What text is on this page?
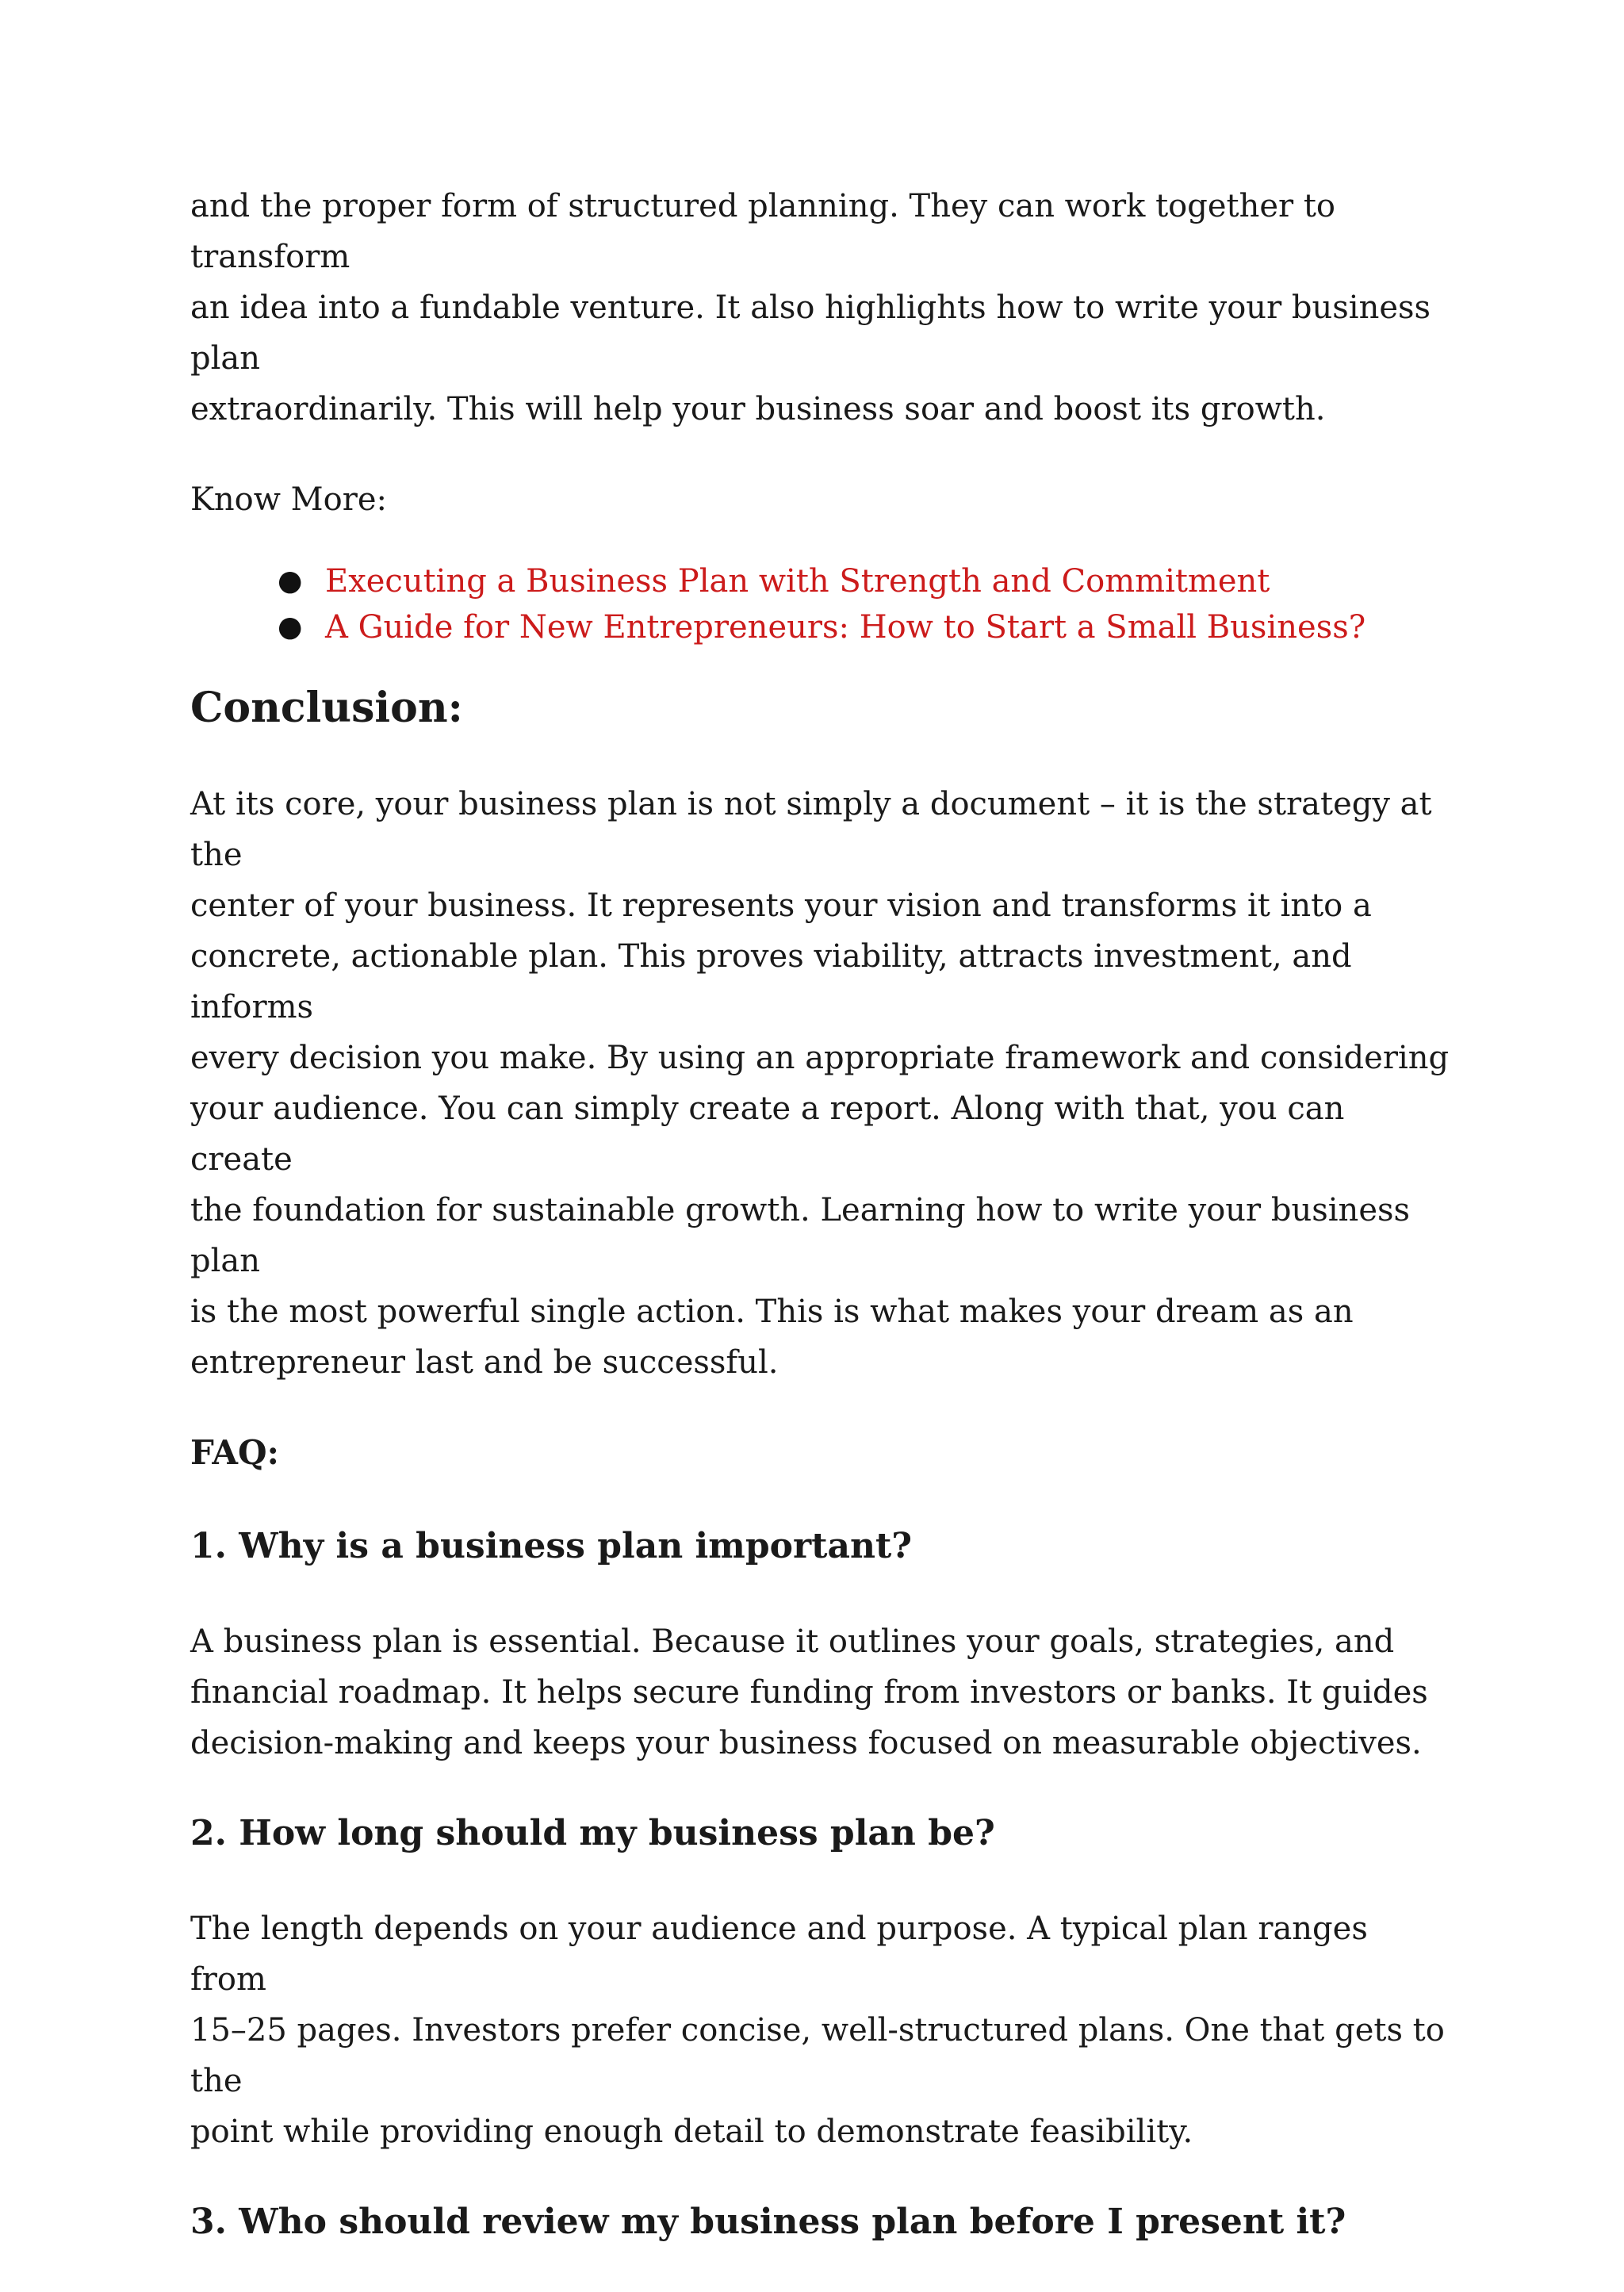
and the proper form of structured planning. They can work together to transform
an idea into a fundable venture. It also highlights how to write your business plan
extraordinarily. This will help your business soar and boost its growth.

Know More:

● Executing a Business Plan with Strength and Commitment
● A Guide for New Entrepreneurs: How to Start a Small Business?
Conclusion:

At its core, your business plan is not simply a document – it is the strategy at the
center of your business. It represents your vision and transforms it into a
concrete, actionable plan. This proves viability, attracts investment, and informs
every decision you make. By using an appropriate framework and considering
your audience. You can simply create a report. Along with that, you can create
the foundation for sustainable growth. Learning how to write your business plan
is the most powerful single action. This is what makes your dream as an
entrepreneur last and be successful.

FAQ:
1. Why is a business plan important?

A business plan is essential. Because it outlines your goals, strategies, and
financial roadmap. It helps secure funding from investors or banks. It guides
decision-making and keeps your business focused on measurable objectives.

2. How long should my business plan be?

The length depends on your audience and purpose. A typical plan ranges from
15–25 pages. Investors prefer concise, well-structured plans. One that gets to the
point while providing enough detail to demonstrate feasibility.

3. Who should review my business plan before I present it?
